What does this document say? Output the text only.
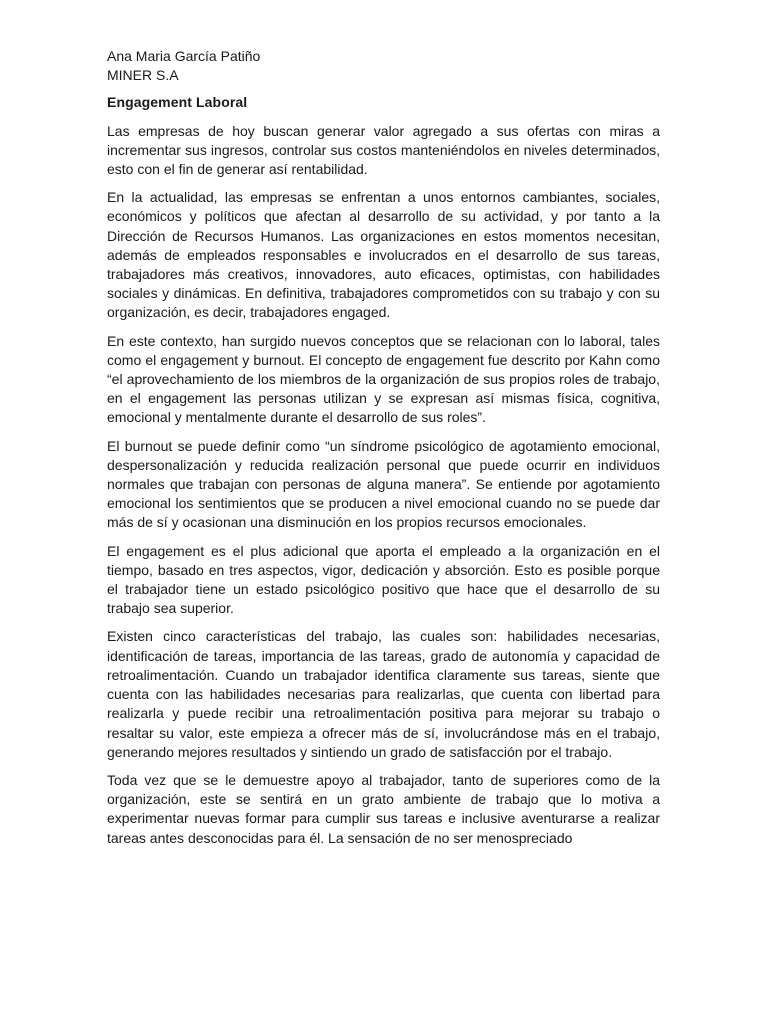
Ana Maria García Patiño
MINER S.A
Engagement Laboral

Las empresas de hoy buscan generar valor agregado a sus ofertas con miras a incrementar sus ingresos, controlar sus costos manteniéndolos en niveles determinados, esto con el fin de generar así rentabilidad.

En la actualidad, las empresas se enfrentan a unos entornos cambiantes, sociales, económicos y políticos que afectan al desarrollo de su actividad, y por tanto a la Dirección de Recursos Humanos. Las organizaciones en estos momentos necesitan, además de empleados responsables e involucrados en el desarrollo de sus tareas, trabajadores más creativos, innovadores, auto eficaces, optimistas, con habilidades sociales y dinámicas. En definitiva, trabajadores comprometidos con su trabajo y con su organización, es decir, trabajadores engaged.

En este contexto, han surgido nuevos conceptos que se relacionan con lo laboral, tales como el engagement y burnout. El concepto de engagement fue descrito por Kahn como “el aprovechamiento de los miembros de la organización de sus propios roles de trabajo, en el engagement las personas utilizan y se expresan así mismas física, cognitiva, emocional y mentalmente durante el desarrollo de sus roles”.

El burnout se puede definir como “un síndrome psicológico de agotamiento emocional, despersonalización y reducida realización personal que puede ocurrir en individuos normales que trabajan con personas de alguna manera”. Se entiende por agotamiento emocional los sentimientos que se producen a nivel emocional cuando no se puede dar más de sí y ocasionan una disminución en los propios recursos emocionales.

El engagement es el plus adicional que aporta el empleado a la organización en el tiempo, basado en tres aspectos, vigor, dedicación y absorción. Esto es posible porque el trabajador tiene un estado psicológico positivo que hace que el desarrollo de su trabajo sea superior.

Existen cinco características del trabajo, las cuales son: habilidades necesarias, identificación de tareas, importancia de las tareas, grado de autonomía y capacidad de retroalimentación. Cuando un trabajador identifica claramente sus tareas, siente que cuenta con las habilidades necesarias para realizarlas, que cuenta con libertad para realizarla y puede recibir una retroalimentación positiva para mejorar su trabajo o resaltar su valor, este empieza a ofrecer más de sí, involucrándose más en el trabajo, generando mejores resultados y sintiendo un grado de satisfacción por el trabajo.

Toda vez que se le demuestre apoyo al trabajador, tanto de superiores como de la organización, este se sentirá en un grato ambiente de trabajo que lo motiva a experimentar nuevas formar para cumplir sus tareas e inclusive aventurarse a realizar tareas antes desconocidas para él. La sensación de no ser menospreciado
